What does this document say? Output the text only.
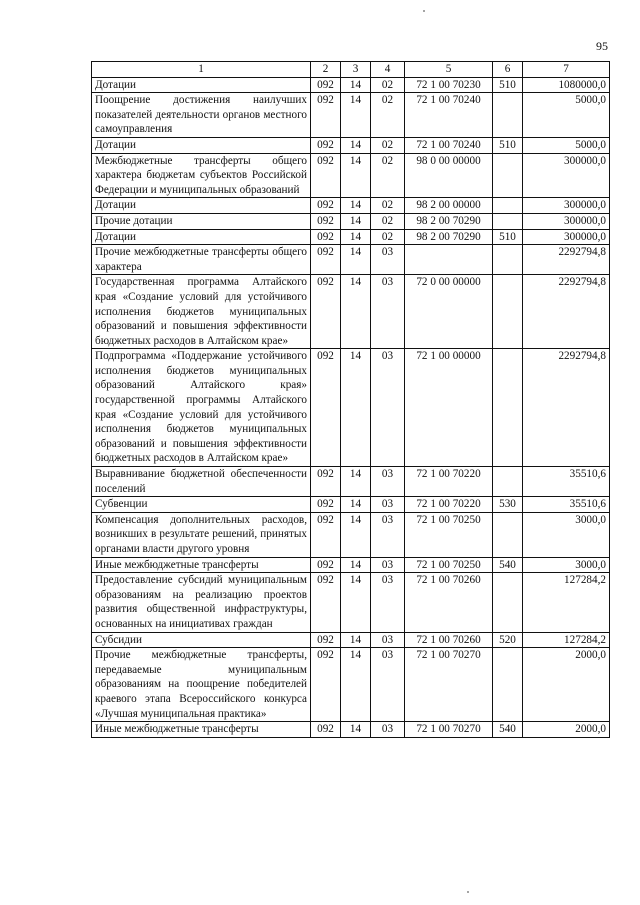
95
1	2	3	4	5	6	7
Дотации	092	14	02	72 1 00 70230	510	1080000,0
Поощрение достижения наилучших показателей деятельности органов местного самоуправления	092	14	02	72 1 00 70240		5000,0
Дотации	092	14	02	72 1 00 70240	510	5000,0
Межбюджетные трансферты общего характера бюджетам субъектов Российской Федерации и муниципальных образований	092	14	02	98 0 00 00000		300000,0
Дотации	092	14	02	98 2 00 00000		300000,0
Прочие дотации	092	14	02	98 2 00 70290		300000,0
Дотации	092	14	02	98 2 00 70290	510	300000,0
Прочие межбюджетные трансферты общего характера	092	14	03			2292794,8
Государственная программа Алтайского края «Создание условий для устойчивого исполнения бюджетов муниципальных образований и повышения эффективности бюджетных расходов в Алтайском крае»	092	14	03	72 0 00 00000		2292794,8
Подпрограмма «Поддержание устойчивого исполнения бюджетов муниципальных образований Алтайского края» государственной программы Алтайского края «Создание условий для устойчивого исполнения бюджетов муниципальных образований и повышения эффективности бюджетных расходов в Алтайском крае»	092	14	03	72 1 00 00000		2292794,8
Выравнивание бюджетной обеспеченности поселений	092	14	03	72 1 00 70220		35510,6
Субвенции	092	14	03	72 1 00 70220	530	35510,6
Компенсация дополнительных расходов, возникших в результате решений, принятых органами власти другого уровня	092	14	03	72 1 00 70250		3000,0
Иные межбюджетные трансферты	092	14	03	72 1 00 70250	540	3000,0
Предоставление субсидий муниципальным образованиям на реализацию проектов развития общественной инфраструктуры, основанных на инициативах граждан	092	14	03	72 1 00 70260		127284,2
Субсидии	092	14	03	72 1 00 70260	520	127284,2
Прочие межбюджетные трансферты, передаваемые муниципальным образованиям на поощрение победителей краевого этапа Всероссийского конкурса «Лучшая муниципальная практика»	092	14	03	72 1 00 70270		2000,0
Иные межбюджетные трансферты	092	14	03	72 1 00 70270	540	2000,0
